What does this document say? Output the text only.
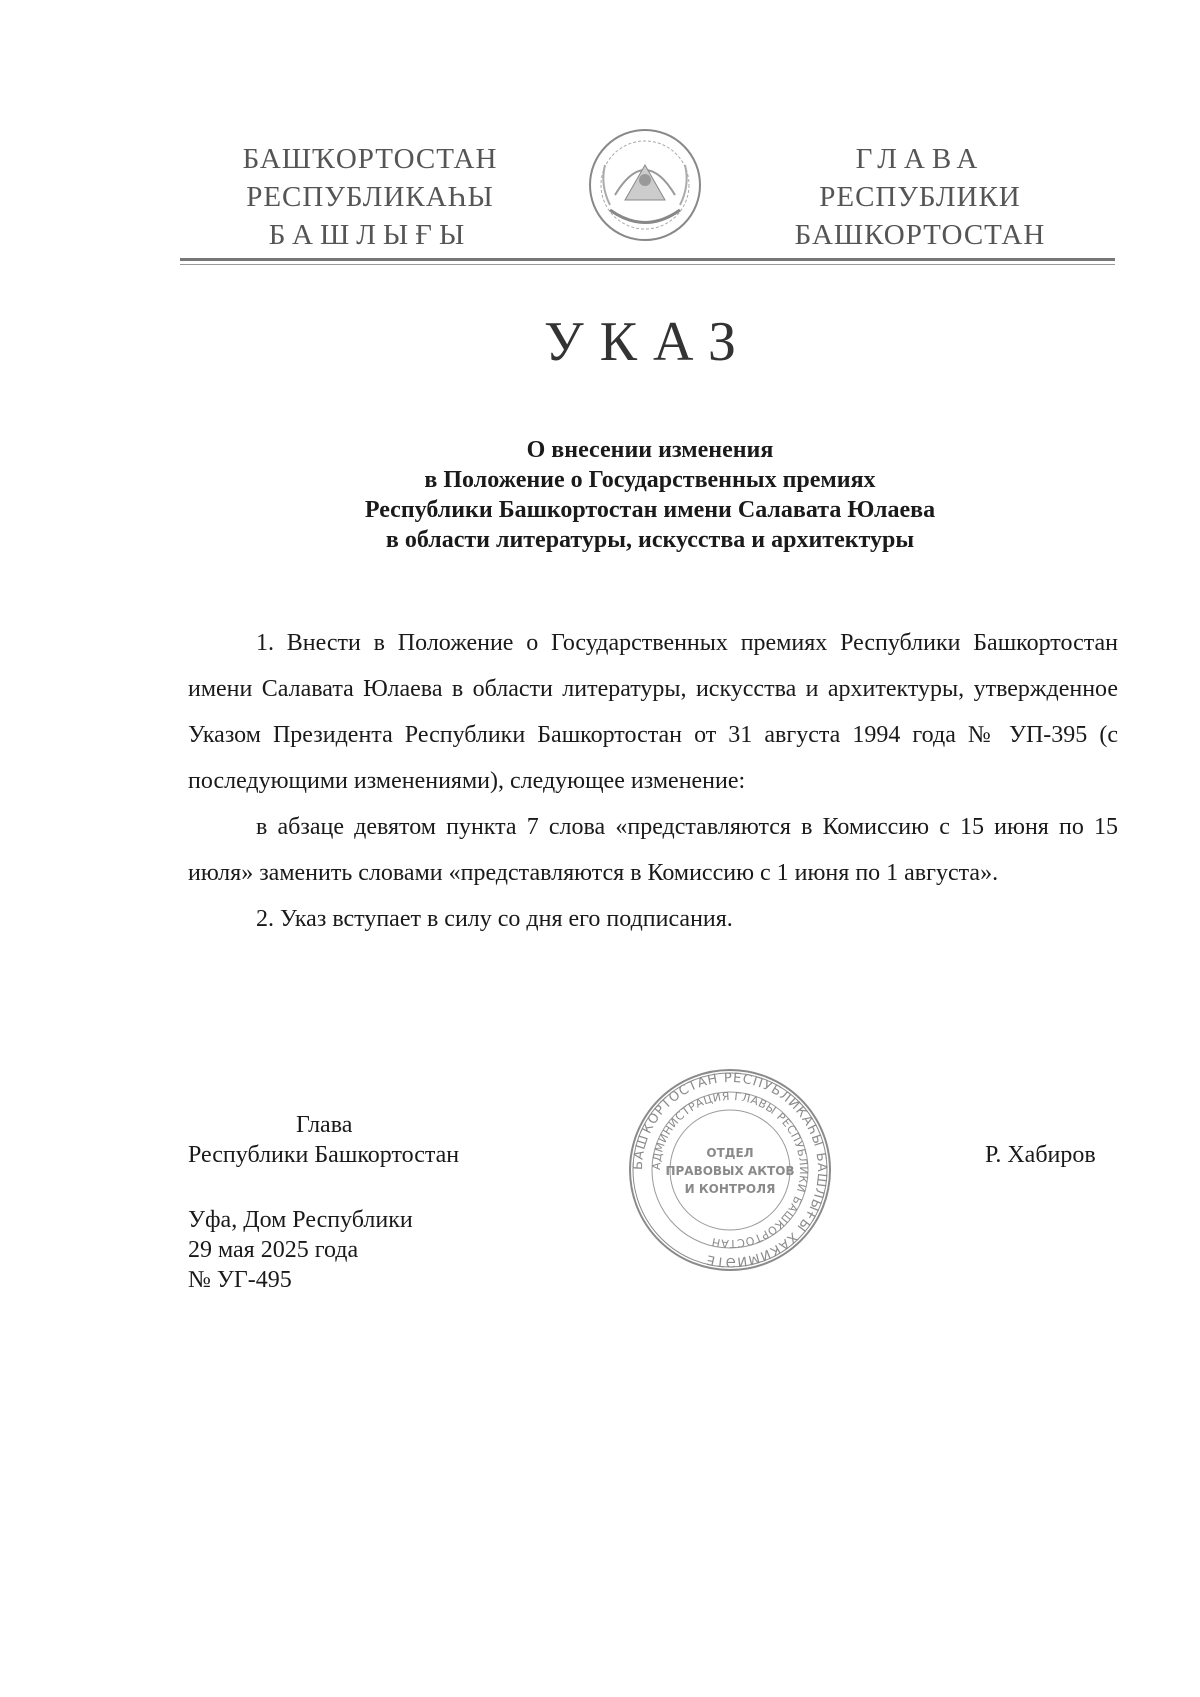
БАШҠОРТОСТАН
РЕСПУБЛИКАҺЫ
БАШЛЫҒЫ
ГЛАВА
РЕСПУБЛИКИ
БАШКОРТОСТАН
УКАЗ
О внесении изменения
в Положение о Государственных премиях
Республики Башкортостан имени Салавата Юлаева
в области литературы, искусства и архитектуры

1. Внести в Положение о Государственных премиях Республики Башкортостан имени Салавата Юлаева в области литературы, искусства и архитектуры, утвержденное Указом Президента Республики Башкортостан от 31 августа 1994 года № УП-395 (с последующими изменениями), следующее изменение:

в абзаце девятом пункта 7 слова «представляются в Комиссию с 15 июня по 15 июля» заменить словами «представляются в Комиссию с 1 июня по 1 августа».

2. Указ вступает в силу со дня его подписания.

Глава
Республики Башкортостан	БАШҠОРТОСТАН РЕСПУБЛИКАҺЫ БАШЛЫҒЫ ХАКИМИӘТЕ
АДМИНИСТРАЦИЯ ГЛАВЫ РЕСПУБЛИКИ БАШКОРТОСТАН
ОТДЕЛ
ПРАВОВЫХ АКТОВ
И КОНТРОЛЯ
Р. Хабиров
Уфа, Дом Республики
29 мая 2025 года
№ УГ-495
